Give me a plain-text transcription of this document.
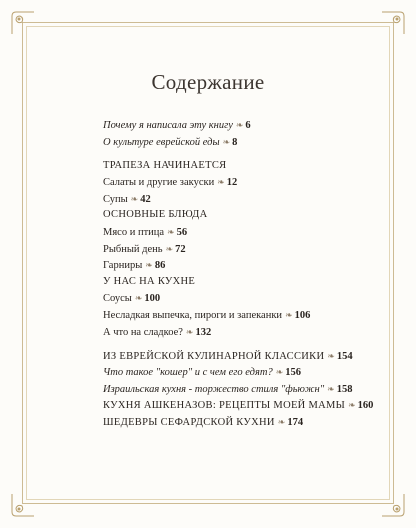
Содержание
Почему я написала эту книгу ❧ 6
О культуре еврейской еды ❧ 8
ТРАПЕЗА НАЧИНАЕТСЯ
Салаты и другие закуски ❧ 12
Супы ❧ 42
ОСНОВНЫЕ БЛЮДА
Мясо и птица ❧ 56
Рыбный день ❧ 72
Гарниры ❧ 86
У НАС НА КУХНЕ
Соусы ❧ 100
Несладкая выпечка, пироги и запеканки ❧ 106
А что на сладкое? ❧ 132
ИЗ ЕВРЕЙСКОЙ КУЛИНАРНОЙ КЛАССИКИ ❧ 154
Что такое "кошер" и с чем его едят? ❧ 156
Израильская кухня - торжество стиля "фьюжн" ❧ 158
КУХНЯ АШКЕНАЗОВ: РЕЦЕПТЫ МОЕЙ МАМЫ ❧ 160
ШЕДЕВРЫ СЕФАРДСКОЙ КУХНИ ❧ 174
